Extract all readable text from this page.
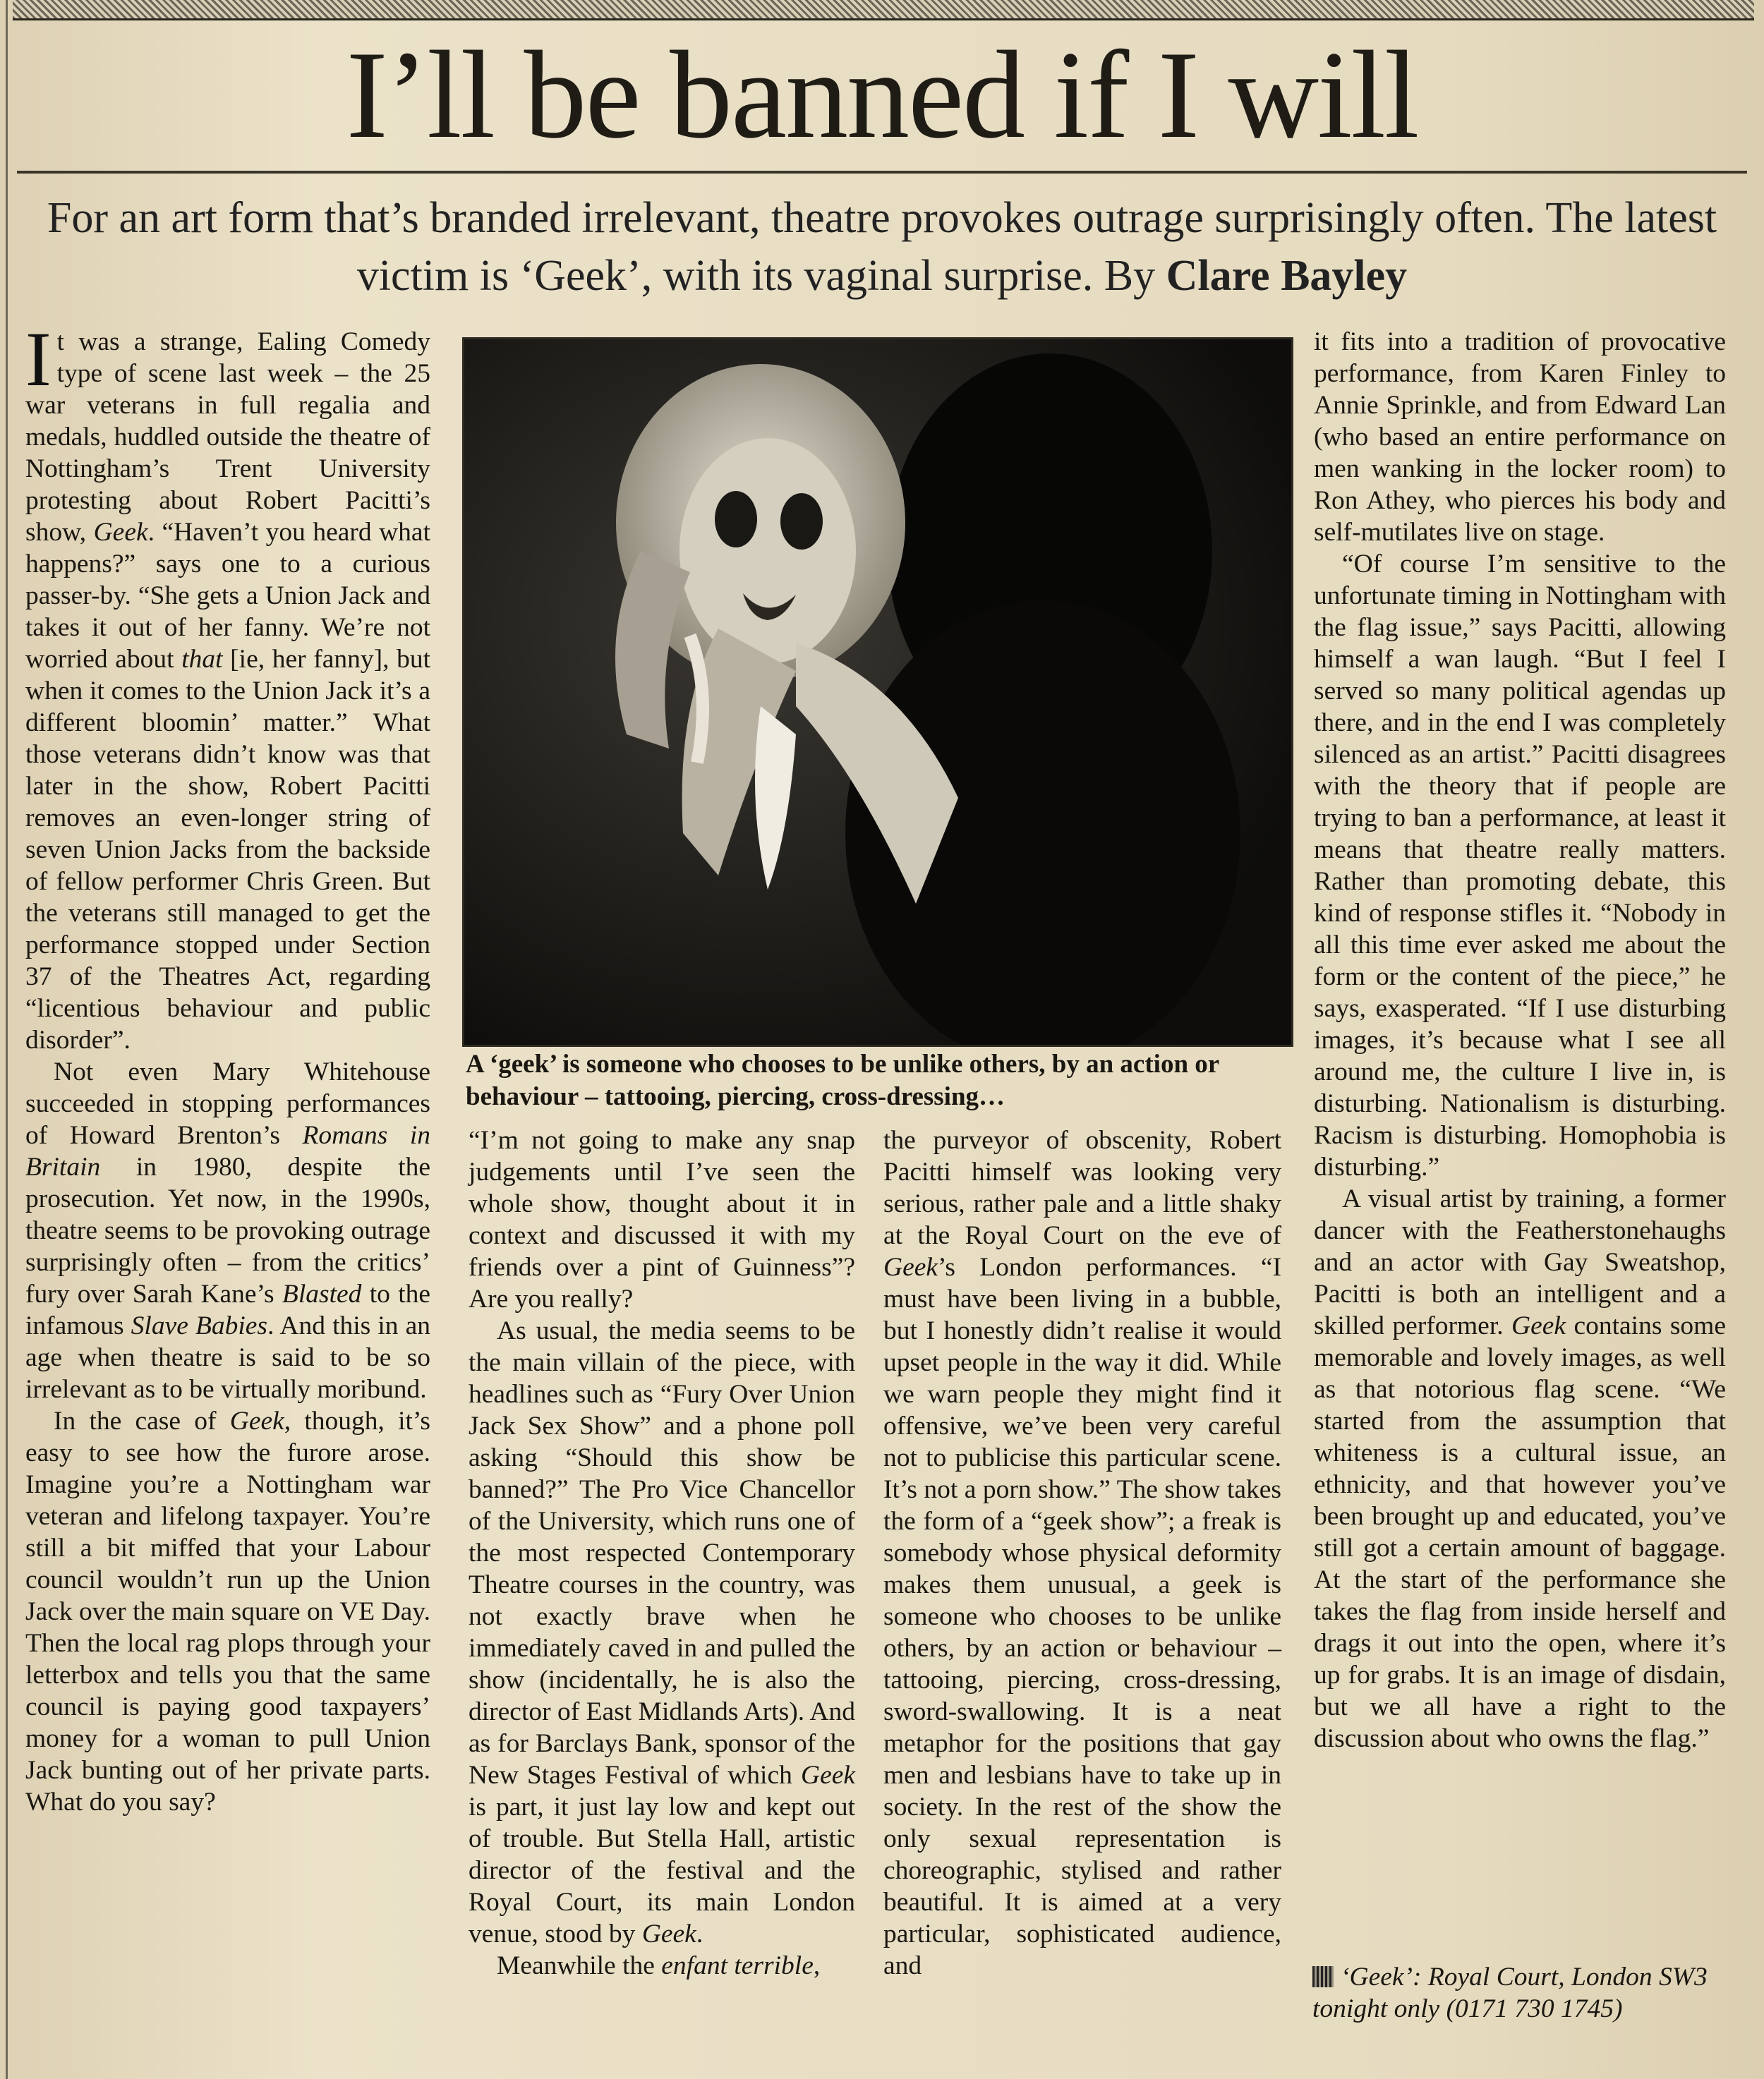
I’ll be banned if I will
For an art form that’s branded irrelevant, theatre provokes outrage surprisingly often. The latest victim is ‘Geek’, with its vaginal surprise. By Clare Bayley

It was a strange, Ealing Comedy type of scene last week – the 25 war veterans in full regalia and medals, huddled outside the theatre of Nottingham’s Trent University protesting about Robert Pacitti’s show, Geek. “Haven’t you heard what happens?” says one to a curious passer-by. “She gets a Union Jack and takes it out of her fanny. We’re not worried about that [ie, her fanny], but when it comes to the Union Jack it’s a different bloomin’ matter.” What those veterans didn’t know was that later in the show, Robert Pacitti removes an even-longer string of seven Union Jacks from the backside of fellow performer Chris Green. But the veterans still managed to get the performance stopped under Section 37 of the Theatres Act, regarding “licentious behaviour and public disorder”.

Not even Mary Whitehouse succeeded in stopping performances of Howard Brenton’s Romans in Britain in 1980, despite the prosecution. Yet now, in the 1990s, theatre seems to be provoking outrage surprisingly often – from the critics’ fury over Sarah Kane’s Blasted to the infamous Slave Babies. And this in an age when theatre is said to be so irrelevant as to be virtually moribund.

In the case of Geek, though, it’s easy to see how the furore arose. Imagine you’re a Nottingham war veteran and lifelong taxpayer. You’re still a bit miffed that your Labour council wouldn’t run up the Union Jack over the main square on VE Day. Then the local rag plops through your letterbox and tells you that the same council is paying good taxpayers’ money for a woman to pull Union Jack bunting out of her private parts. What do you say?

A ‘geek’ is someone who chooses to be unlike others, by an action or behaviour – tattooing, piercing, cross-dressing…

“I’m not going to make any snap judgements until I’ve seen the whole show, thought about it in context and discussed it with my friends over a pint of Guinness”? Are you really?

As usual, the media seems to be the main villain of the piece, with headlines such as “Fury Over Union Jack Sex Show” and a phone poll asking “Should this show be banned?” The Pro Vice Chancellor of the University, which runs one of the most respected Contemporary Theatre courses in the country, was not exactly brave when he immediately caved in and pulled the show (incidentally, he is also the director of East Midlands Arts). And as for Barclays Bank, sponsor of the New Stages Festival of which Geek is part, it just lay low and kept out of trouble. But Stella Hall, artistic director of the festival and the Royal Court, its main London venue, stood by Geek.

Meanwhile the enfant terrible,

the purveyor of obscenity, Robert Pacitti himself was looking very serious, rather pale and a little shaky at the Royal Court on the eve of Geek’s London performances. “I must have been living in a bubble, but I honestly didn’t realise it would upset people in the way it did. While we warn people they might find it offensive, we’ve been very careful not to publicise this particular scene. It’s not a porn show.” The show takes the form of a “geek show”; a freak is somebody whose physical deformity makes them unusual, a geek is someone who chooses to be unlike others, by an action or behaviour – tattooing, piercing, cross-dressing, sword-swallowing. It is a neat metaphor for the positions that gay men and lesbians have to take up in society. In the rest of the show the only sexual representation is choreographic, stylised and rather beautiful. It is aimed at a very particular, sophisticated audience, and

it fits into a tradition of provocative performance, from Karen Finley to Annie Sprinkle, and from Edward Lan (who based an entire performance on men wanking in the locker room) to Ron Athey, who pierces his body and self-mutilates live on stage.

“Of course I’m sensitive to the unfortunate timing in Nottingham with the flag issue,” says Pacitti, allowing himself a wan laugh. “But I feel I served so many political agendas up there, and in the end I was completely silenced as an artist.” Pacitti disagrees with the theory that if people are trying to ban a performance, at least it means that theatre really matters. Rather than promoting debate, this kind of response stifles it. “Nobody in all this time ever asked me about the form or the content of the piece,” he says, exasperated. “If I use disturbing images, it’s because what I see all around me, the culture I live in, is disturbing. Nationalism is disturbing. Racism is disturbing. Homophobia is disturbing.”

A visual artist by training, a former dancer with the Featherstonehaughs and an actor with Gay Sweatshop, Pacitti is both an intelligent and a skilled performer. Geek contains some memorable and lovely images, as well as that notorious flag scene. “We started from the assumption that whiteness is a cultural issue, an ethnicity, and that however you’ve been brought up and educated, you’ve still got a certain amount of baggage. At the start of the performance she takes the flag from inside herself and drags it out into the open, where it’s up for grabs. It is an image of disdain, but we all have a right to the discussion about who owns the flag.”

‘Geek’: Royal Court, London SW3 tonight only (0171 730 1745)
